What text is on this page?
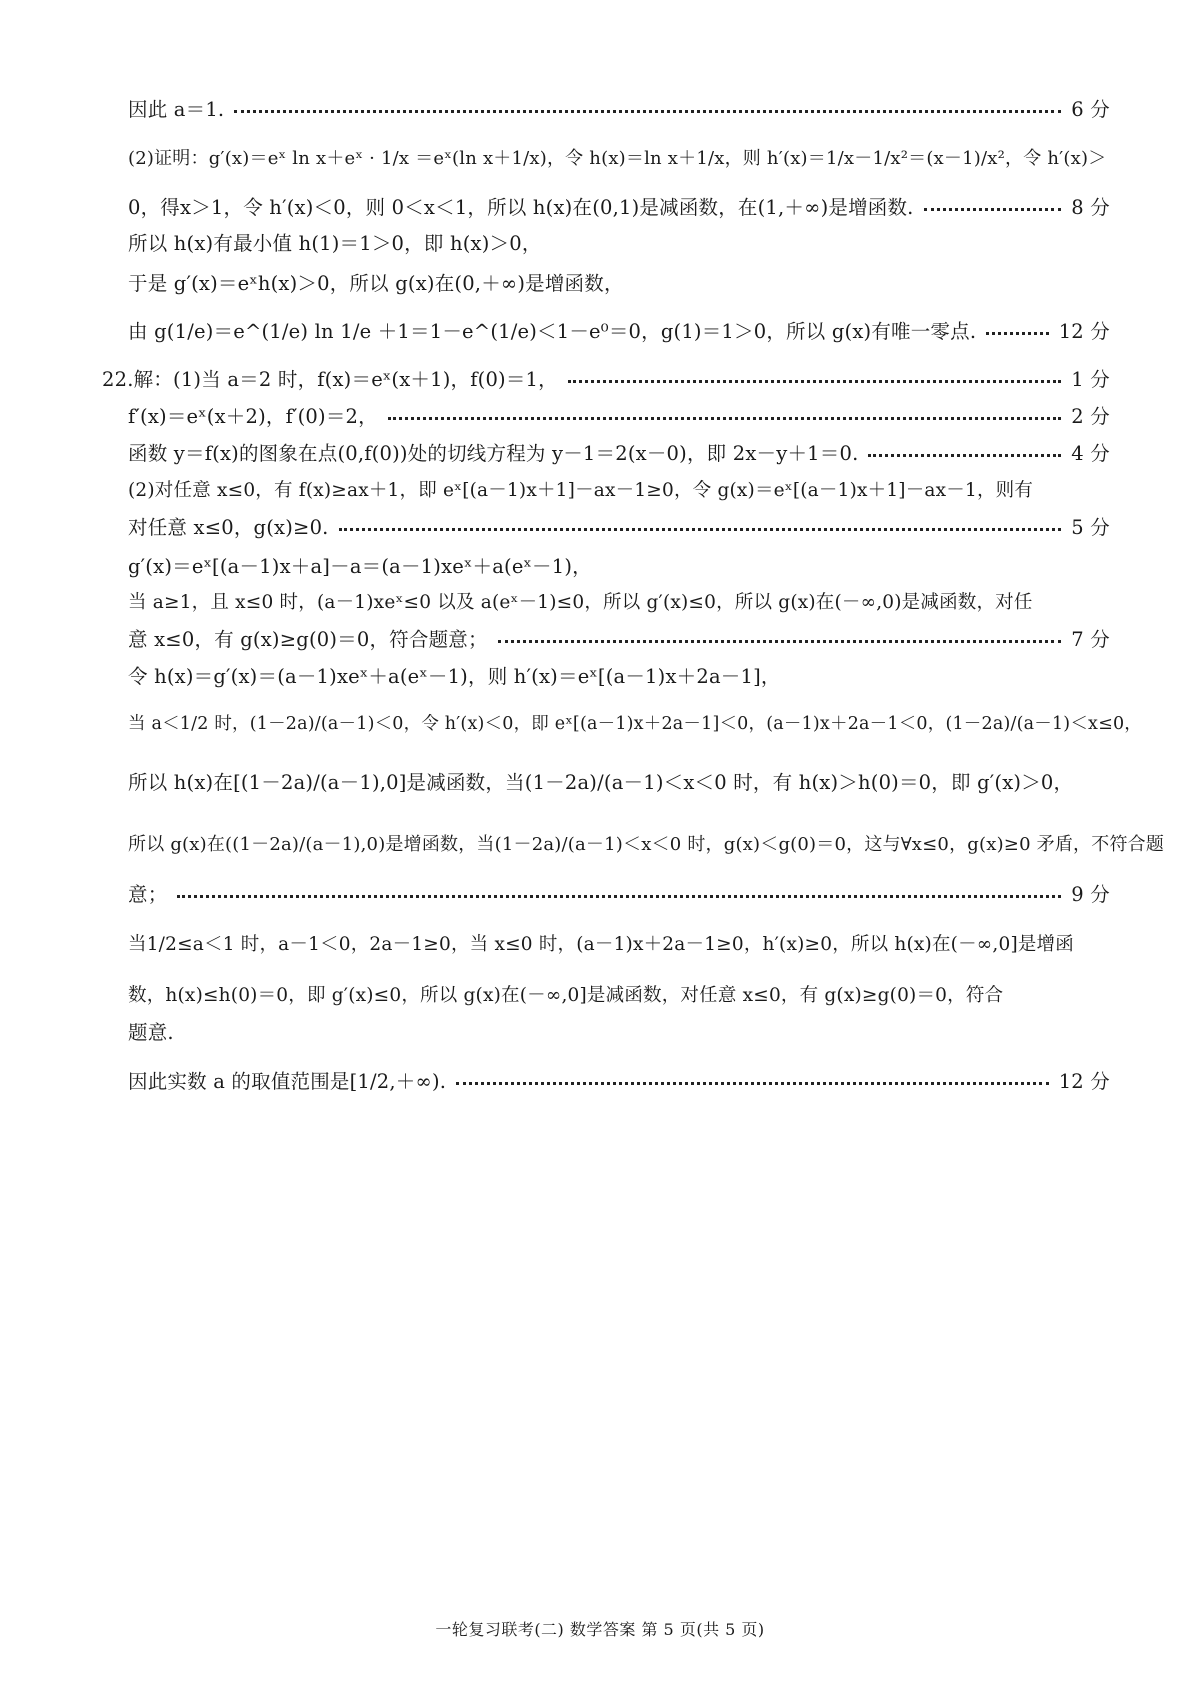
因此 a＝1.	6 分
(2)证明：g′(x)＝eˣ ln x＋eˣ · 1/x ＝eˣ(ln x＋1/x)，令 h(x)＝ln x＋1/x，则 h′(x)＝1/x－1/x²＝(x－1)/x²，令 h′(x)＞
0，得x＞1，令 h′(x)＜0，则 0＜x＜1，所以 h(x)在(0,1)是减函数，在(1,＋∞)是增函数.	8 分
所以 h(x)有最小值 h(1)＝1＞0，即 h(x)＞0，
于是 g′(x)＝eˣh(x)＞0，所以 g(x)在(0,＋∞)是增函数，
由 g(1/e)＝e^(1/e) ln 1/e ＋1＝1－e^(1/e)＜1－e⁰＝0，g(1)＝1＞0，所以 g(x)有唯一零点.	12 分
22.解：(1)当 a＝2 时，f(x)＝eˣ(x＋1)，f(0)＝1，	1 分
f′(x)＝eˣ(x＋2)，f′(0)＝2，	2 分
函数 y＝f(x)的图象在点(0,f(0))处的切线方程为 y－1＝2(x－0)，即 2x－y＋1＝0.	4 分
(2)对任意 x≤0，有 f(x)≥ax＋1，即 eˣ[(a－1)x＋1]－ax－1≥0，令 g(x)＝eˣ[(a－1)x＋1]－ax－1，则有
对任意 x≤0，g(x)≥0.	5 分
g′(x)＝eˣ[(a－1)x＋a]－a＝(a－1)xeˣ＋a(eˣ－1)，
当 a≥1，且 x≤0 时，(a－1)xeˣ≤0 以及 a(eˣ－1)≤0，所以 g′(x)≤0，所以 g(x)在(－∞,0)是减函数，对任
意 x≤0，有 g(x)≥g(0)＝0，符合题意；	7 分
令 h(x)＝g′(x)＝(a－1)xeˣ＋a(eˣ－1)，则 h′(x)＝eˣ[(a－1)x＋2a－1]，
当 a＜1/2 时，(1－2a)/(a－1)＜0，令 h′(x)＜0，即 eˣ[(a－1)x＋2a－1]＜0，(a－1)x＋2a－1＜0，(1－2a)/(a－1)＜x≤0，
所以 h(x)在[(1－2a)/(a－1),0]是减函数，当(1－2a)/(a－1)＜x＜0 时，有 h(x)＞h(0)＝0，即 g′(x)＞0，
所以 g(x)在((1－2a)/(a－1),0)是增函数，当(1－2a)/(a－1)＜x＜0 时，g(x)＜g(0)＝0，这与∀x≤0，g(x)≥0 矛盾，不符合题
意；	9 分
当1/2≤a＜1 时，a－1＜0，2a－1≥0，当 x≤0 时，(a－1)x＋2a－1≥0，h′(x)≥0，所以 h(x)在(－∞,0]是增函
数，h(x)≤h(0)＝0，即 g′(x)≤0，所以 g(x)在(－∞,0]是减函数，对任意 x≤0，有 g(x)≥g(0)＝0，符合
题意.
因此实数 a 的取值范围是[1/2,＋∞).	12 分
一轮复习联考(二) 数学答案 第 5 页(共 5 页)
